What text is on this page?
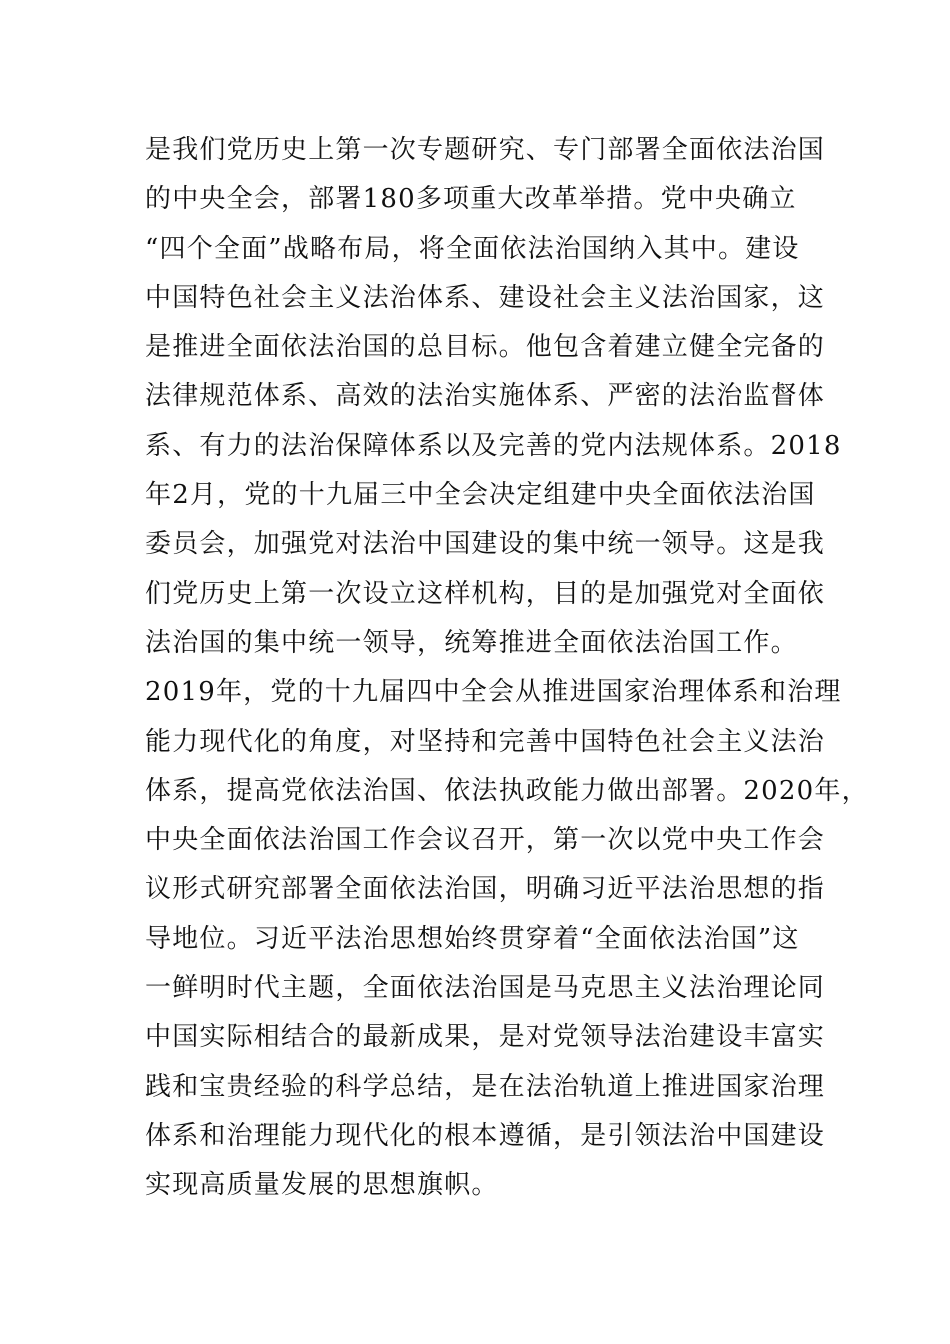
是我们党历史上第一次专题研究、专门部署全面依法治国
的中央全会，部署180多项重大改革举措。党中央确立
“四个全面”战略布局，将全面依法治国纳入其中。建设
中国特色社会主义法治体系、建设社会主义法治国家，这
是推进全面依法治国的总目标。他包含着建立健全完备的
法律规范体系、高效的法治实施体系、严密的法治监督体
系、有力的法治保障体系以及完善的党内法规体系。2018
年2月，党的十九届三中全会决定组建中央全面依法治国
委员会，加强党对法治中国建设的集中统一领导。这是我
们党历史上第一次设立这样机构，目的是加强党对全面依
法治国的集中统一领导，统筹推进全面依法治国工作。
2019年，党的十九届四中全会从推进国家治理体系和治理
能力现代化的角度，对坚持和完善中国特色社会主义法治
体系，提高党依法治国、依法执政能力做出部署。2020年，
中央全面依法治国工作会议召开，第一次以党中央工作会
议形式研究部署全面依法治国，明确习近平法治思想的指
导地位。习近平法治思想始终贯穿着“全面依法治国”这
一鲜明时代主题，全面依法治国是马克思主义法治理论同
中国实际相结合的最新成果，是对党领导法治建设丰富实
践和宝贵经验的科学总结，是在法治轨道上推进国家治理
体系和治理能力现代化的根本遵循，是引领法治中国建设
实现高质量发展的思想旗帜。
